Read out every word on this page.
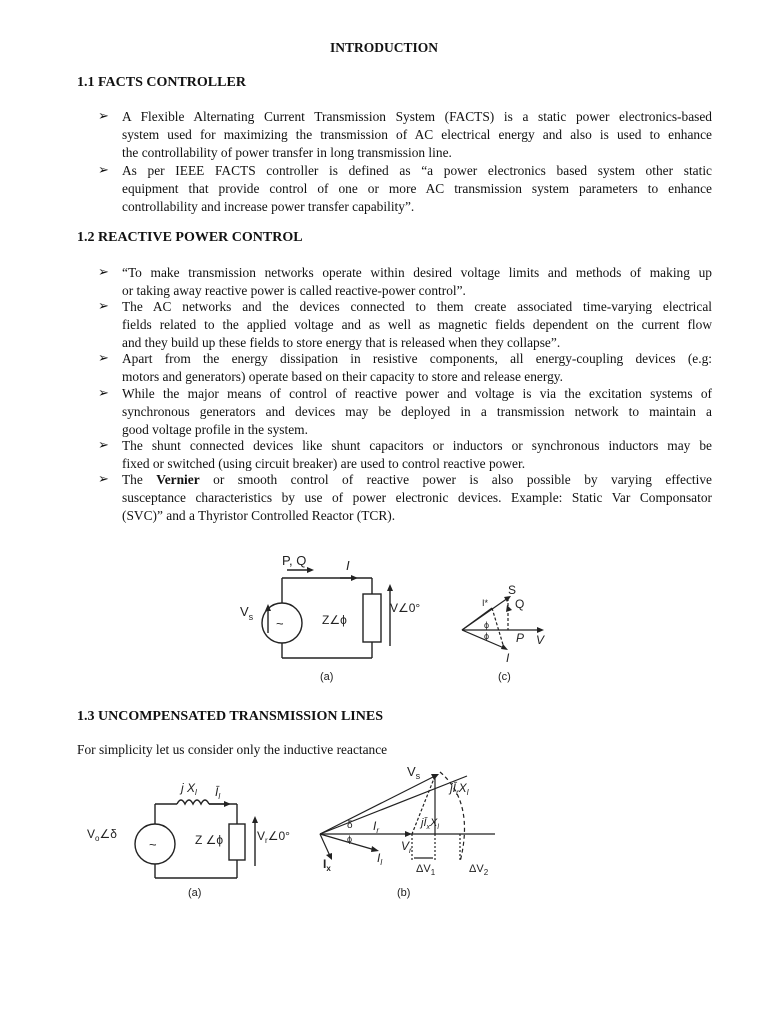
INTRODUCTION
1.1 FACTS CONTROLLER
➢ A Flexible Alternating Current Transmission System (FACTS) is a static power electronics-based
system used for maximizing the transmission of AC electrical energy and also is used to enhance
the controllability of power transfer in long transmission line.
➢ As per IEEE FACTS controller is defined as “a power electronics based system other static
equipment that provide control of one or more AC transmission system parameters to enhance
controllability and increase power transfer capability”.
1.2 REACTIVE POWER CONTROL
➢ “To make transmission networks operate within desired voltage limits and methods of making up
or taking away reactive power is called reactive-power control”.
➢ The AC networks and the devices connected to them create associated time-varying electrical
fields related to the applied voltage and as well as magnetic fields dependent on the current flow
and they build up these fields to store energy that is released when they collapse”.
➢ Apart from the energy dissipation in resistive components, all energy-coupling devices (e.g:
motors and generators) operate based on their capacity to store and release energy.
➢ While the major means of control of reactive power and voltage is via the excitation systems of
synchronous generators and devices may be deployed in a transmission network to maintain a
good voltage profile in the system.
➢ The shunt connected devices like shunt capacitors or inductors or synchronous inductors may be
fixed or switched (using circuit breaker) are used to control reactive power.
➢ The Vernier or smooth control of reactive power is also possible by varying effective
susceptance characteristics by use of power electronic devices. Example: Static Var Componsator
(SVC)” and a Thyristor Controlled Reactor (TCR).
P, Q	I
~
$V_s$	Z∠ϕ
V∠0°
(a)
S
Q
P V
I
I*
ϕ
ϕ
(c)
1.3 UNCOMPENSATED TRANSMISSION LINES
For simplicity let us consider only the inductive reactance
~
j $X_l$ $Ī_l$
$V_o\angle\delta$	Z ∠ϕ	$V_r\angle 0^\circ$
(a)
$V_s$
$jĪ_rX_l$
$jĪ_xX_l$
δ
ϕ
$I_r$
$V_r$
$I_x$
$I_l$
$\Delta V_1$	$\Delta V_2$
(b)
